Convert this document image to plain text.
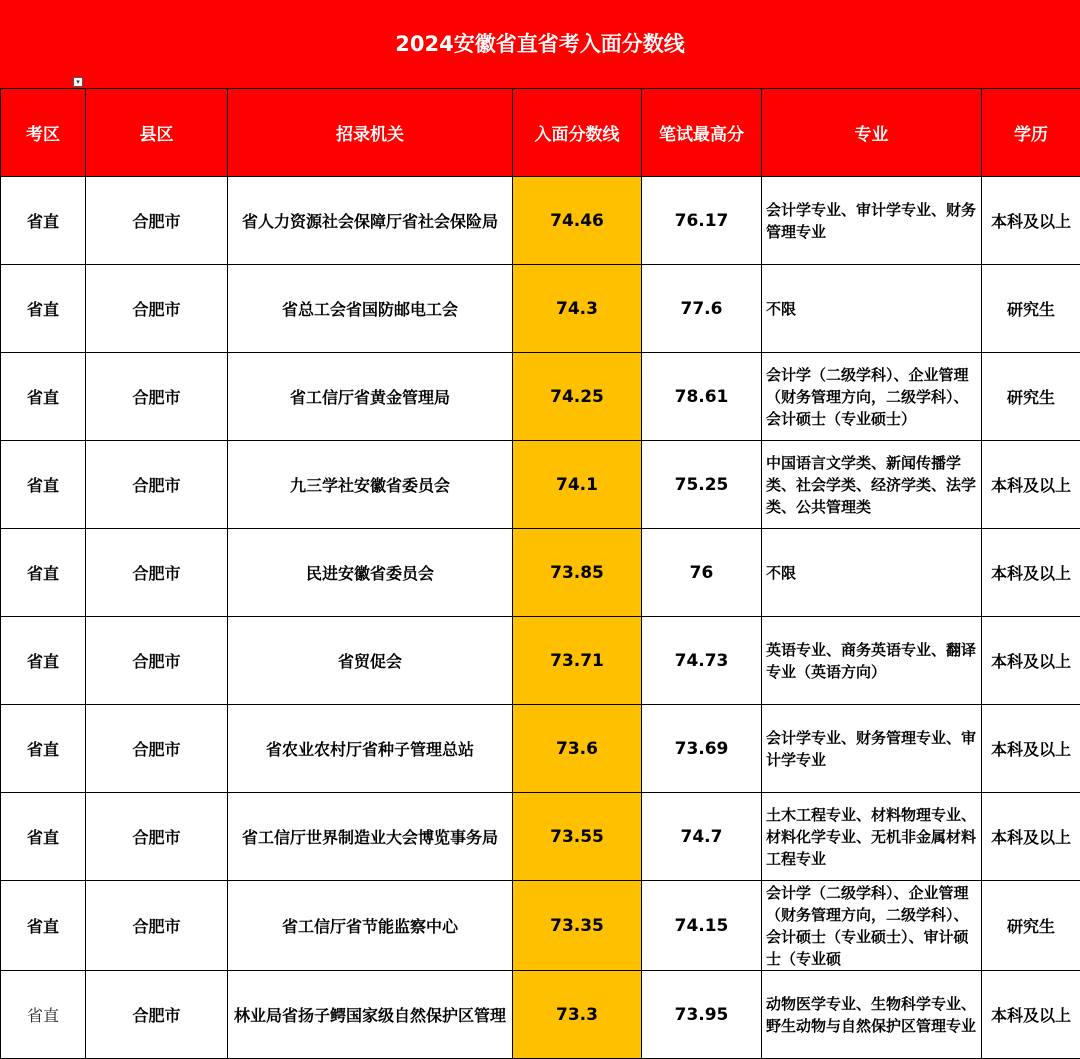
2024安徽省直省考入面分数线
▾
考区	县区	招录机关	入面分数线	笔试最高分	专业	学历
省直	合肥市	省人力资源社会保障厅省社会保险局	74.46	76.17	会计学专业、审计学专业、财务管理专业	本科及以上
省直	合肥市	省总工会省国防邮电工会	74.3	77.6	不限	研究生
省直	合肥市	省工信厅省黄金管理局	74.25	78.61	会计学（二级学科）、企业管理（财务管理方向，二级学科）、会计硕士（专业硕士）	研究生
省直	合肥市	九三学社安徽省委员会	74.1	75.25	中国语言文学类、新闻传播学类、社会学类、经济学类、法学类、公共管理类	本科及以上
省直	合肥市	民进安徽省委员会	73.85	76	不限	本科及以上
省直	合肥市	省贸促会	73.71	74.73	英语专业、商务英语专业、翻译专业（英语方向）	本科及以上
省直	合肥市	省农业农村厅省种子管理总站	73.6	73.69	会计学专业、财务管理专业、审计学专业	本科及以上
省直	合肥市	省工信厅世界制造业大会博览事务局	73.55	74.7	土木工程专业、材料物理专业、材料化学专业、无机非金属材料工程专业	本科及以上
省直	合肥市	省工信厅省节能监察中心	73.35	74.15	会计学（二级学科）、企业管理（财务管理方向，二级学科）、会计硕士（专业硕士）、审计硕士（专业硕	研究生
省直	合肥市	林业局省扬子鳄国家级自然保护区管理	73.3	73.95	动物医学专业、生物科学专业、野生动物与自然保护区管理专业	本科及以上
